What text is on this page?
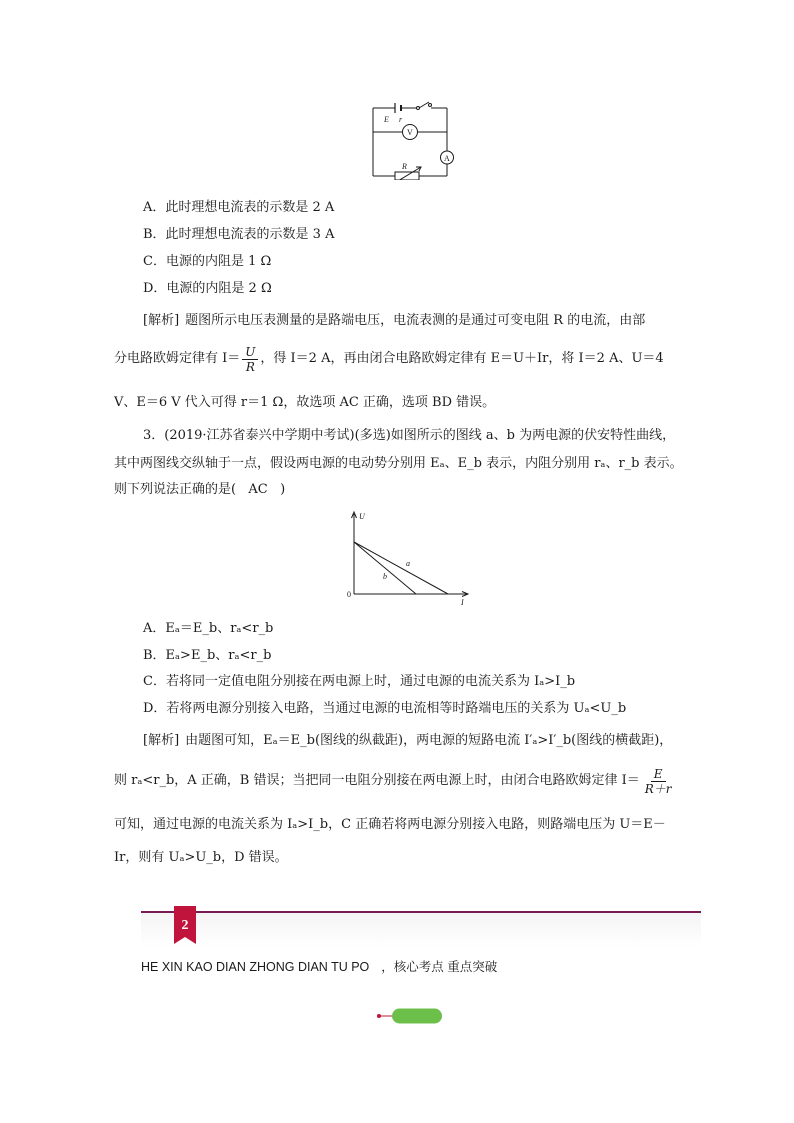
E r
V
A
R
A．此时理想电流表的示数是 2 A
B．此时理想电流表的示数是 3 A
C．电源的内阻是 1 Ω
D．电源的内阻是 2 Ω
[解析] 题图所示电压表测量的是路端电压，电流表测的是通过可变电阻 R 的电流，由部
分电路欧姆定律有 $I= \frac{U}{R}$ ，得 I＝2 A，再由闭合电路欧姆定律有 E＝U＋Ir，将 I＝2 A、U＝4
V、E＝6 V 代入可得 r＝1 Ω，故选项 AC 正确，选项 BD 错误。
3．(2019·江苏省泰兴中学期中考试)(多选)如图所示的图线 a、b 为两电源的伏安特性曲线，
其中两图线交纵轴于一点，假设两电源的电动势分别用 Eₐ、E_b 表示，内阻分别用 rₐ、r_b 表示。
则下列说法正确的是( AC )
U
I
0
a
b
A．Eₐ＝E_b、rₐ<r_b
B．Eₐ>E_b、rₐ<r_b
C．若将同一定值电阻分别接在两电源上时，通过电源的电流关系为 Iₐ>I_b
D．若将两电源分别接入电路，当通过电源的电流相等时路端电压的关系为 Uₐ<U_b
[解析] 由题图可知，Eₐ＝E_b(图线的纵截距)，两电源的短路电流 I′ₐ>I′_b(图线的横截距)，
则 rₐ<r_b，A 正确，B 错误；当把同一电阻分别接在两电源上时，由闭合电路欧姆定律 $I= \frac{E}{R+r}$
可知，通过电源的电流关系为 Iₐ>I_b，C 正确若将两电源分别接入电路，则路端电压为 U＝E－
Ir，则有 Uₐ>U_b，D 错误。
2
HE XIN KAO DIAN ZHONG DIAN TU PO ，核心考点 重点突破
